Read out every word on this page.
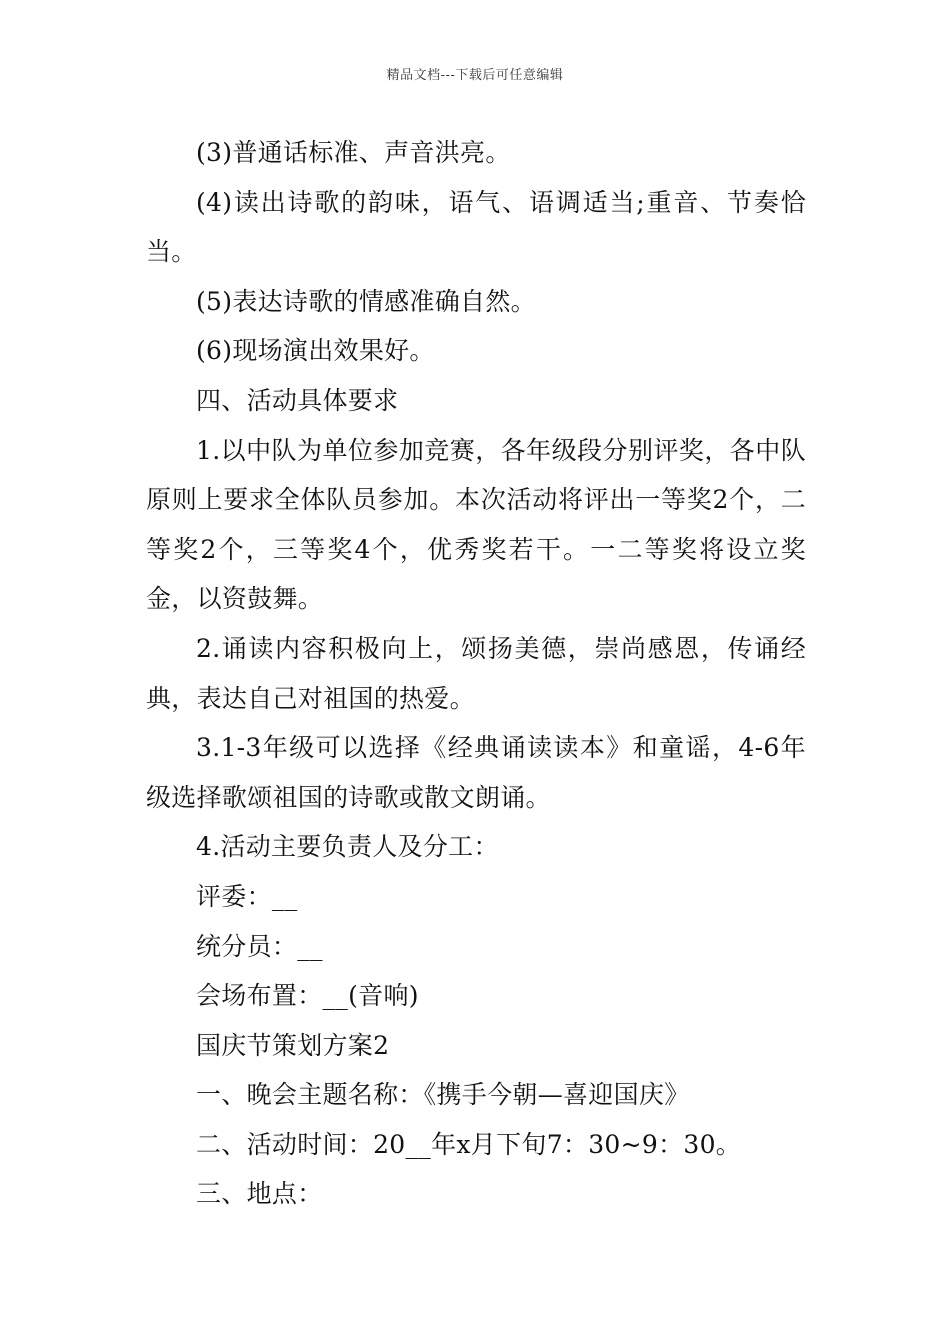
精品文档---下载后可任意编辑

(3)普通话标准、声音洪亮。

(4)读出诗歌的韵味，语气、语调适当;重音、节奏恰当。

(5)表达诗歌的情感准确自然。

(6)现场演出效果好。

四、活动具体要求

1.以中队为单位参加竞赛，各年级段分别评奖，各中队原则上要求全体队员参加。本次活动将评出一等奖2个，二等奖2个，三等奖4个，优秀奖若干。一二等奖将设立奖金，以资鼓舞。

2.诵读内容积极向上，颂扬美德，崇尚感恩，传诵经典，表达自己对祖国的热爱。

3.1-3年级可以选择《经典诵读读本》和童谣，4-6年级选择歌颂祖国的诗歌或散文朗诵。

4.活动主要负责人及分工：

评委：__

统分员：__

会场布置：__(音响)

国庆节策划方案2

一、晚会主题名称：《携手今朝—喜迎国庆》

二、活动时间：20__年x月下旬7：30~9：30。

三、地点：
